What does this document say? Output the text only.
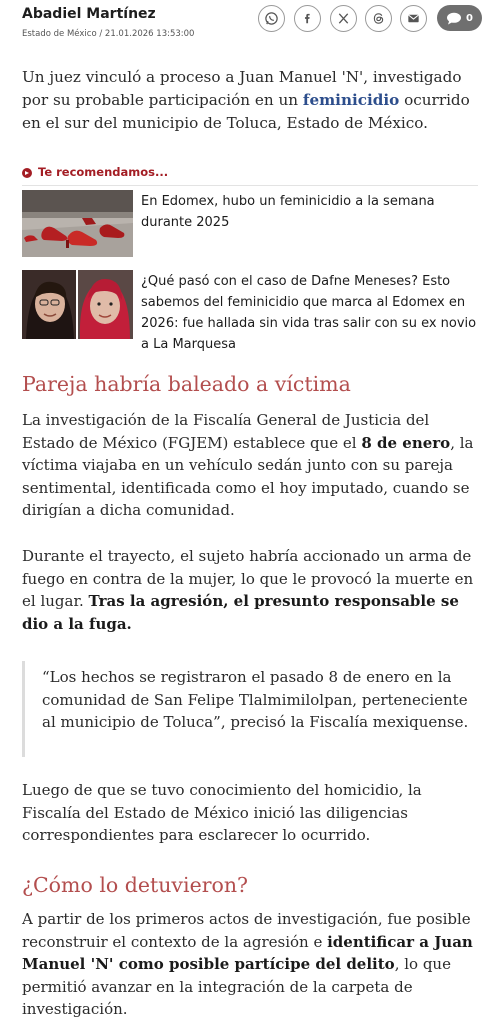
Abadiel Martínez
Estado de México / 21.01.2026 13:53:00
0

Un juez vinculó a proceso a Juan Manuel 'N', investigado por su probable participación en un feminicidio ocurrido en el sur del municipio de Toluca, Estado de México.

Te recomendamos...
En Edomex, hubo un feminicidio a la semana durante 2025
¿Qué pasó con el caso de Dafne Meneses? Esto sabemos del feminicidio que marca al Edomex en 2026: fue hallada sin vida tras salir con su ex novio a La Marquesa
Pareja habría baleado a víctima

La investigación de la Fiscalía General de Justicia del Estado de México (FGJEM) establece que el 8 de enero, la víctima viajaba en un vehículo sedán junto con su pareja sentimental, identificada como el hoy imputado, cuando se dirigían a dicha comunidad.

Durante el trayecto, el sujeto habría accionado un arma de fuego en contra de la mujer, lo que le provocó la muerte en el lugar. Tras la agresión, el presunto responsable se dio a la fuga.

“Los hechos se registraron el pasado 8 de enero en la comunidad de San Felipe Tlalmimilolpan, perteneciente al municipio de Toluca”, precisó la Fiscalía mexiquense.

Luego de que se tuvo conocimiento del homicidio, la Fiscalía del Estado de México inició las diligencias correspondientes para esclarecer lo ocurrido.

¿Cómo lo detuvieron?

A partir de los primeros actos de investigación, fue posible reconstruir el contexto de la agresión e identificar a Juan Manuel 'N' como posible partícipe del delito, lo que permitió avanzar en la integración de la carpeta de investigación.
